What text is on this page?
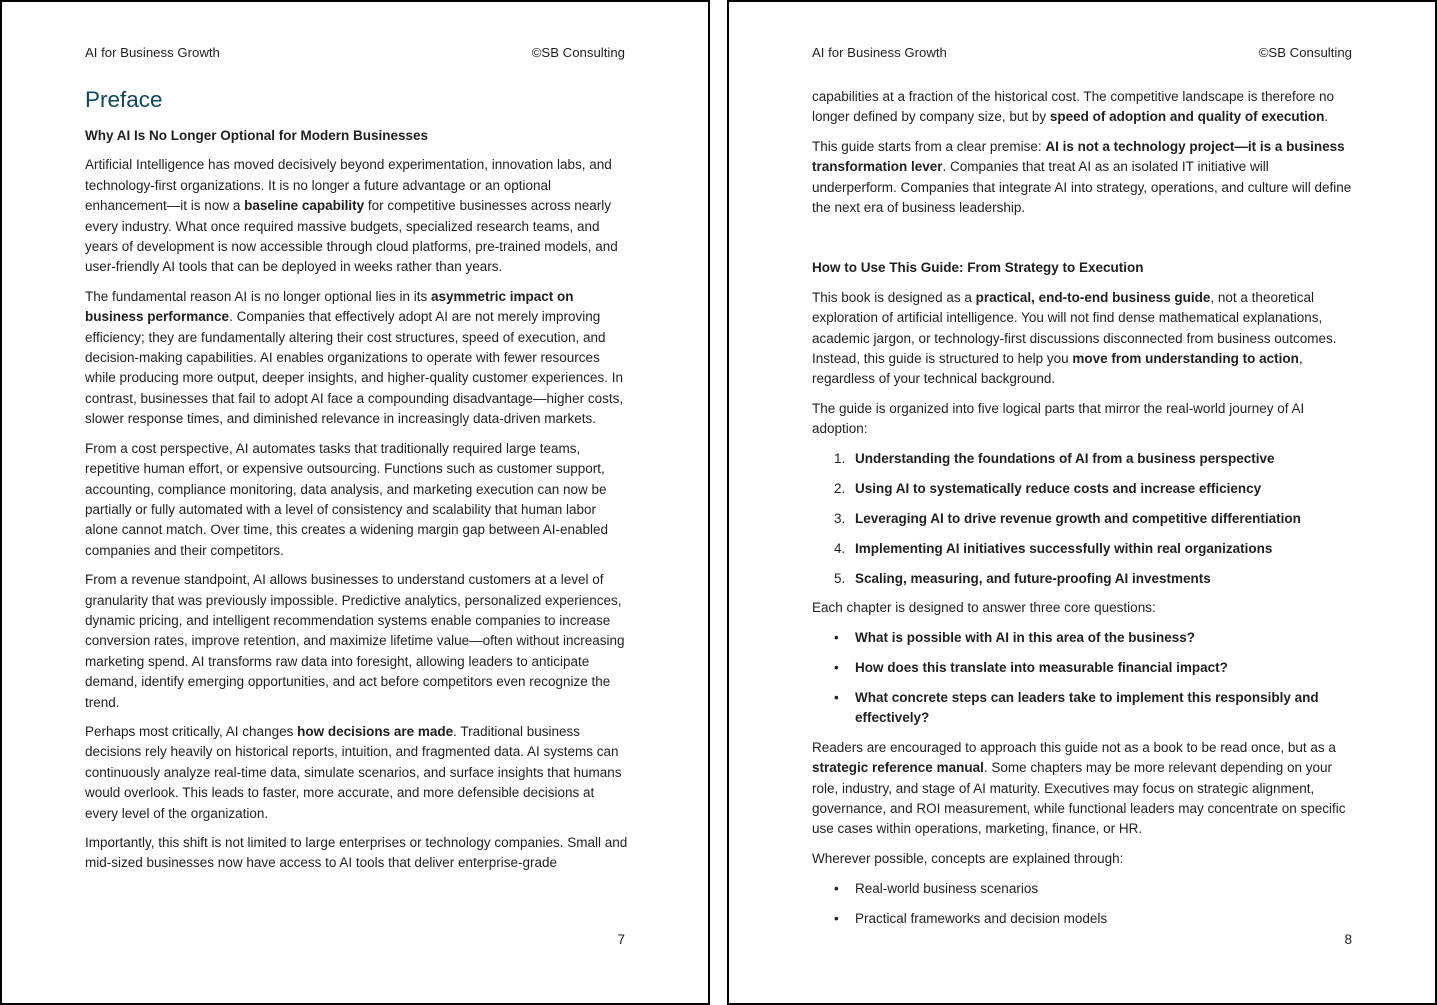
AI for Business Growth	©SB Consulting
Preface
Why AI Is No Longer Optional for Modern Businesses
Artificial Intelligence has moved decisively beyond experimentation, innovation labs, and technology-first organizations. It is no longer a future advantage or an optional enhancement—it is now a baseline capability for competitive businesses across nearly every industry. What once required massive budgets, specialized research teams, and years of development is now accessible through cloud platforms, pre-trained models, and user-friendly AI tools that can be deployed in weeks rather than years.
The fundamental reason AI is no longer optional lies in its asymmetric impact on business performance. Companies that effectively adopt AI are not merely improving efficiency; they are fundamentally altering their cost structures, speed of execution, and decision-making capabilities. AI enables organizations to operate with fewer resources while producing more output, deeper insights, and higher-quality customer experiences. In contrast, businesses that fail to adopt AI face a compounding disadvantage—higher costs, slower response times, and diminished relevance in increasingly data-driven markets.
From a cost perspective, AI automates tasks that traditionally required large teams, repetitive human effort, or expensive outsourcing. Functions such as customer support, accounting, compliance monitoring, data analysis, and marketing execution can now be partially or fully automated with a level of consistency and scalability that human labor alone cannot match. Over time, this creates a widening margin gap between AI-enabled companies and their competitors.
From a revenue standpoint, AI allows businesses to understand customers at a level of granularity that was previously impossible. Predictive analytics, personalized experiences, dynamic pricing, and intelligent recommendation systems enable companies to increase conversion rates, improve retention, and maximize lifetime value—often without increasing marketing spend. AI transforms raw data into foresight, allowing leaders to anticipate demand, identify emerging opportunities, and act before competitors even recognize the trend.
Perhaps most critically, AI changes how decisions are made. Traditional business decisions rely heavily on historical reports, intuition, and fragmented data. AI systems can continuously analyze real-time data, simulate scenarios, and surface insights that humans would overlook. This leads to faster, more accurate, and more defensible decisions at every level of the organization.
Importantly, this shift is not limited to large enterprises or technology companies. Small and mid-sized businesses now have access to AI tools that deliver enterprise-grade
7
AI for Business Growth	©SB Consulting
capabilities at a fraction of the historical cost. The competitive landscape is therefore no longer defined by company size, but by speed of adoption and quality of execution.
This guide starts from a clear premise: AI is not a technology project—it is a business transformation lever. Companies that treat AI as an isolated IT initiative will underperform. Companies that integrate AI into strategy, operations, and culture will define the next era of business leadership.
How to Use This Guide: From Strategy to Execution
This book is designed as a practical, end-to-end business guide, not a theoretical exploration of artificial intelligence. You will not find dense mathematical explanations, academic jargon, or technology-first discussions disconnected from business outcomes. Instead, this guide is structured to help you move from understanding to action, regardless of your technical background.
The guide is organized into five logical parts that mirror the real-world journey of AI adoption:
1. Understanding the foundations of AI from a business perspective
2. Using AI to systematically reduce costs and increase efficiency
3. Leveraging AI to drive revenue growth and competitive differentiation
4. Implementing AI initiatives successfully within real organizations
5. Scaling, measuring, and future-proofing AI investments
Each chapter is designed to answer three core questions:
•	What is possible with AI in this area of the business?
•	How does this translate into measurable financial impact?
•	What concrete steps can leaders take to implement this responsibly and effectively?
Readers are encouraged to approach this guide not as a book to be read once, but as a strategic reference manual. Some chapters may be more relevant depending on your role, industry, and stage of AI maturity. Executives may focus on strategic alignment, governance, and ROI measurement, while functional leaders may concentrate on specific use cases within operations, marketing, finance, or HR.
Wherever possible, concepts are explained through:
•	Real-world business scenarios
•	Practical frameworks and decision models
8
